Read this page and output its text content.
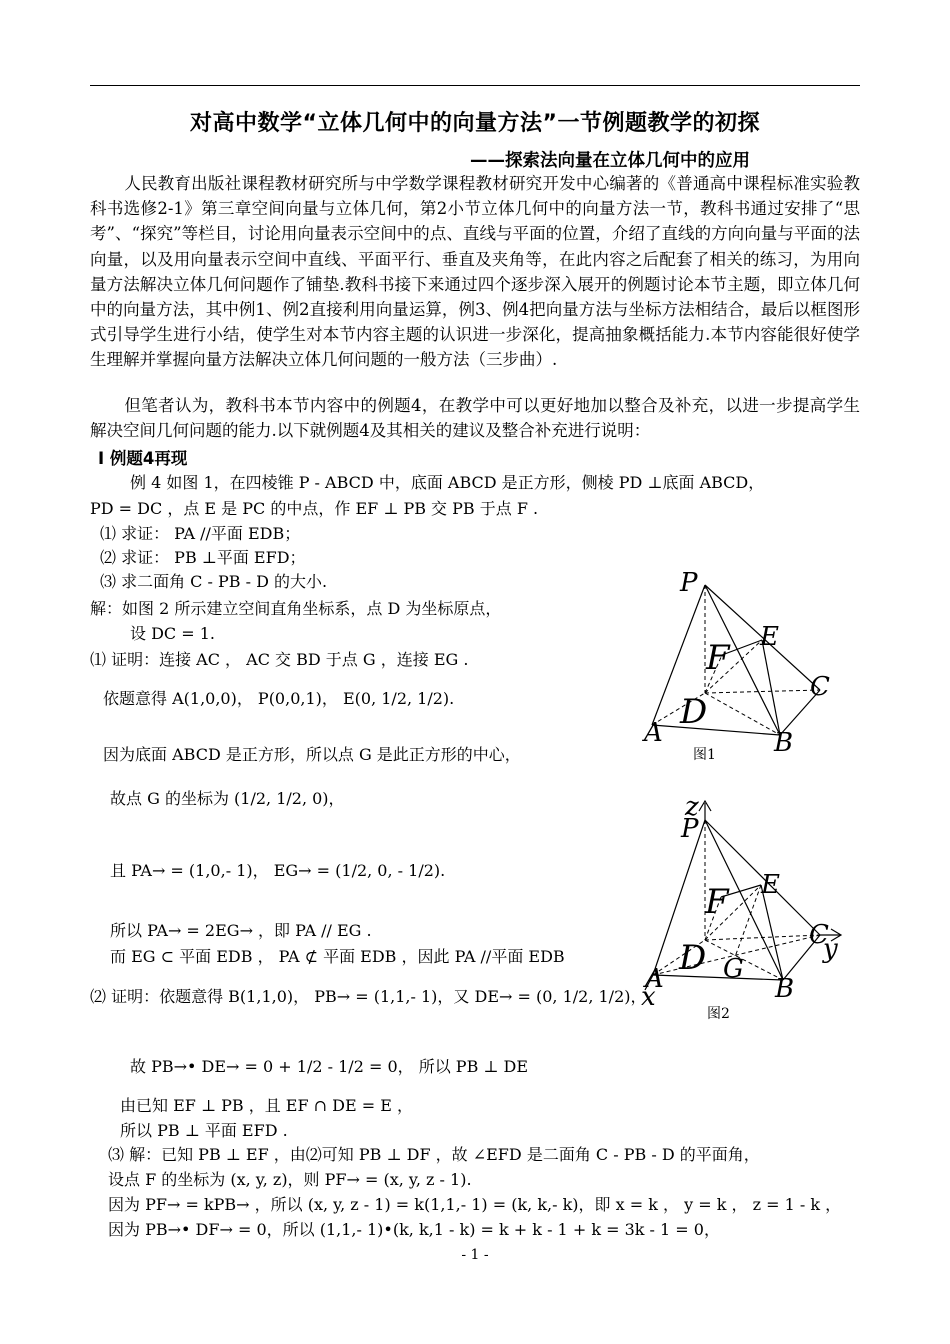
对高中数学“立体几何中的向量方法”一节例题教学的初探
——探索法向量在立体几何中的应用
人民教育出版社课程教材研究所与中学数学课程教材研究开发中心编著的《普通高中课程标准实验教科书选修2-1》第三章空间向量与立体几何，第2小节立体几何中的向量方法一节，教科书通过安排了“思考”、“探究”等栏目，讨论用向量表示空间中的点、直线与平面的位置，介绍了直线的方向向量与平面的法向量，以及用向量表示空间中直线、平面平行、垂直及夹角等，在此内容之后配套了相关的练习，为用向量方法解决立体几何问题作了铺垫.教科书接下来通过四个逐步深入展开的例题讨论本节主题，即立体几何中的向量方法，其中例1、例2直接利用向量运算，例3、例4把向量方法与坐标方法相结合，最后以框图形式引导学生进行小结，使学生对本节内容主题的认识进一步深化，提高抽象概括能力.本节内容能很好使学生理解并掌握向量方法解决立体几何问题的一般方法（三步曲）.
但笔者认为，教科书本节内容中的例题4，在教学中可以更好地加以整合及补充，以进一步提高学生解决空间几何问题的能力.以下就例题4及其相关的建议及整合补充进行说明：
Ⅰ 例题4再现
例 4 如图 1，在四棱锥 P - ABCD 中，底面 ABCD 是正方形，侧棱 PD ⊥底面 ABCD，
PD = DC ，点 E 是 PC 的中点，作 EF ⊥ PB 交 PB 于点 F .
⑴ 求证： PA //平面 EDB；
⑵ 求证： PB ⊥平面 EFD；
⑶ 求二面角 C - PB - D 的大小.
解：如图 2 所示建立空间直角坐标系，点 D 为坐标原点，
设 DC = 1.
⑴ 证明：连接 AC ， AC 交 BD 于点 G ，连接 EG .
依题意得 A(1,0,0)， P(0,0,1)， E(0, 1/2, 1/2).
因为底面 ABCD 是正方形，所以点 G 是此正方形的中心，
故点 G 的坐标为 (1/2, 1/2, 0)，
且 PA→ = (1,0,- 1)， EG→ = (1/2, 0, - 1/2).
所以 PA→ = 2EG→ ，即 PA // EG .
而 EG ⊂ 平面 EDB ， PA ⊄ 平面 EDB ，因此 PA //平面 EDB
⑵ 证明：依题意得 B(1,1,0)， PB→ = (1,1,- 1)，又 DE→ = (0, 1/2, 1/2)，
故 PB→• DE→ = 0 + 1/2 - 1/2 = 0， 所以 PB ⊥ DE
由已知 EF ⊥ PB ，且 EF ∩ DE = E ，
所以 PB ⊥ 平面 EFD .
⑶ 解：已知 PB ⊥ EF ，由⑵可知 PB ⊥ DF ，故 ∠EFD 是二面角 C - PB - D 的平面角，
设点 F 的坐标为 (x, y, z)，则 PF→ = (x, y, z - 1).
因为 PF→ = kPB→ ，所以 (x, y, z - 1) = k(1,1,- 1) = (k, k,- k)，即 x = k ， y = k ， z = 1 - k ，
因为 PB→• DF→ = 0，所以 (1,1,- 1)•(k, k,1 - k) = k + k - 1 + k = 3k - 1 = 0，
P
E
F
C
D
A	B
图1
z
P
E
F
C
y
D G
A
x	B
图2
- 1 -
